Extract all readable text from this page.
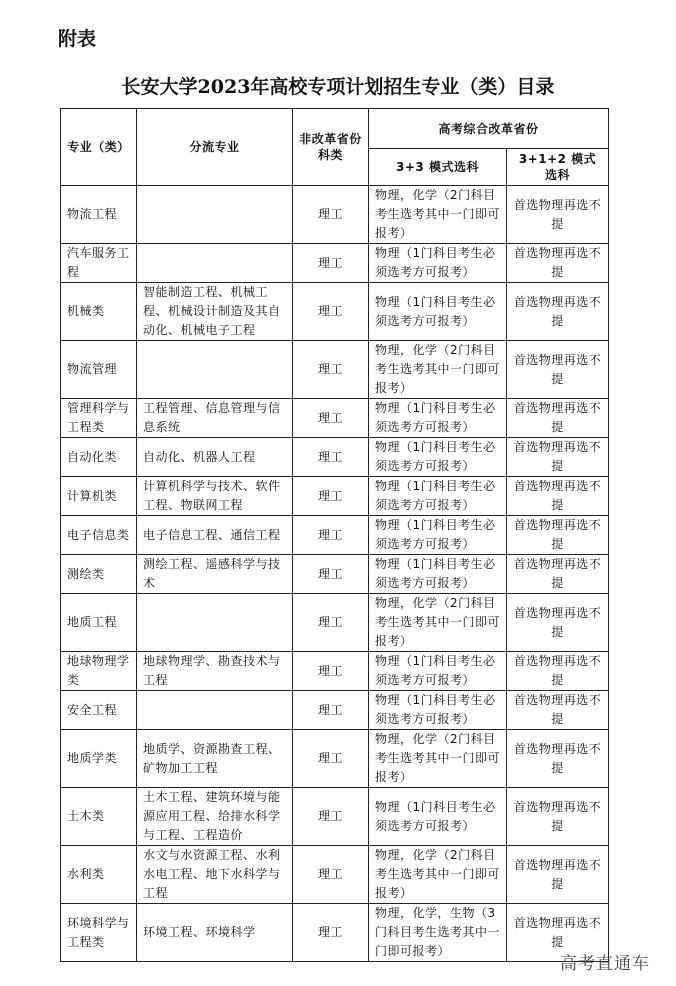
附表
长安大学2023年高校专项计划招生专业（类）目录
专业（类）	分流专业	非改革省份科类	高考综合改革省份	
			3+3 模式选科	3+1+2 模式选科
物流工程		理工	物理，化学（2门科目考生选考其中一门即可报考）	首选物理再选不提
汽车服务工程		理工	物理（1门科目考生必须选考方可报考）	首选物理再选不提
机械类	智能制造工程、机械工程、机械设计制造及其自动化、机械电子工程	理工	物理（1门科目考生必须选考方可报考）	首选物理再选不提
物流管理		理工	物理，化学（2门科目考生选考其中一门即可报考）	首选物理再选不提
管理科学与工程类	工程管理、信息管理与信息系统	理工	物理（1门科目考生必须选考方可报考）	首选物理再选不提
自动化类	自动化、机器人工程	理工	物理（1门科目考生必须选考方可报考）	首选物理再选不提
计算机类	计算机科学与技术、软件工程、物联网工程	理工	物理（1门科目考生必须选考方可报考）	首选物理再选不提
电子信息类	电子信息工程、通信工程	理工	物理（1门科目考生必须选考方可报考）	首选物理再选不提
测绘类	测绘工程、遥感科学与技术	理工	物理（1门科目考生必须选考方可报考）	首选物理再选不提
地质工程		理工	物理，化学（2门科目考生选考其中一门即可报考）	首选物理再选不提
地球物理学类	地球物理学、勘查技术与工程	理工	物理（1门科目考生必须选考方可报考）	首选物理再选不提
安全工程		理工	物理（1门科目考生必须选考方可报考）	首选物理再选不提
地质学类	地质学、资源勘查工程、矿物加工工程	理工	物理，化学（2门科目考生选考其中一门即可报考）	首选物理再选不提
土木类	土木工程、建筑环境与能源应用工程、给排水科学与工程、工程造价	理工	物理（1门科目考生必须选考方可报考）	首选物理再选不提
水利类	水文与水资源工程、水利水电工程、地下水科学与工程	理工	物理，化学（2门科目考生选考其中一门即可报考）	首选物理再选不提
环境科学与工程类	环境工程、环境科学	理工	物理，化学，生物（3门科目考生选考其中一门即可报考）	首选物理再选不提
高考直通车
